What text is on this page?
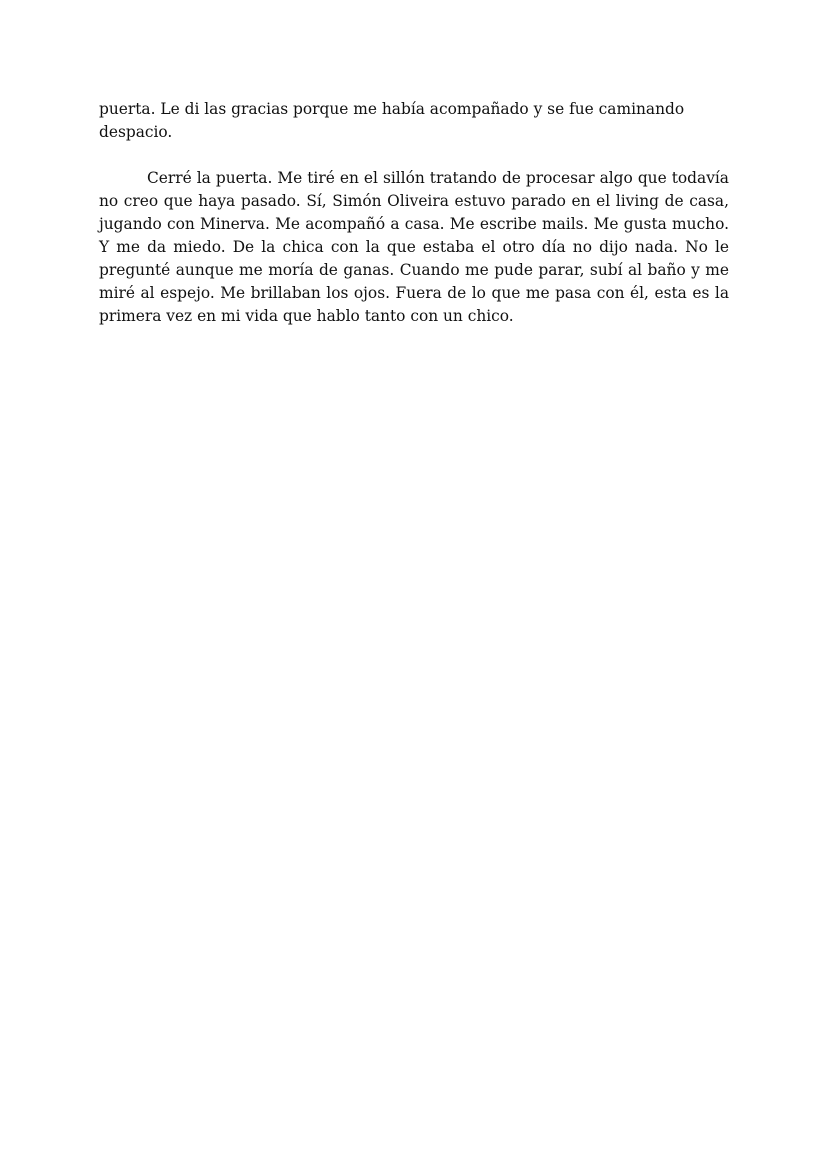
puerta. Le di las gracias porque me había acompañado y se fue caminando despacio.

Cerré la puerta. Me tiré en el sillón tratando de procesar algo que todavía no creo que haya pasado. Sí, Simón Oliveira estuvo parado en el living de casa, jugando con Minerva. Me acompañó a casa. Me escribe mails. Me gusta mucho. Y me da miedo. De la chica con la que estaba el otro día no dijo nada. No le pregunté aunque me moría de ganas. Cuando me pude parar, subí al baño y me miré al espejo. Me brillaban los ojos. Fuera de lo que me pasa con él, esta es la primera vez en mi vida que hablo tanto con un chico.
